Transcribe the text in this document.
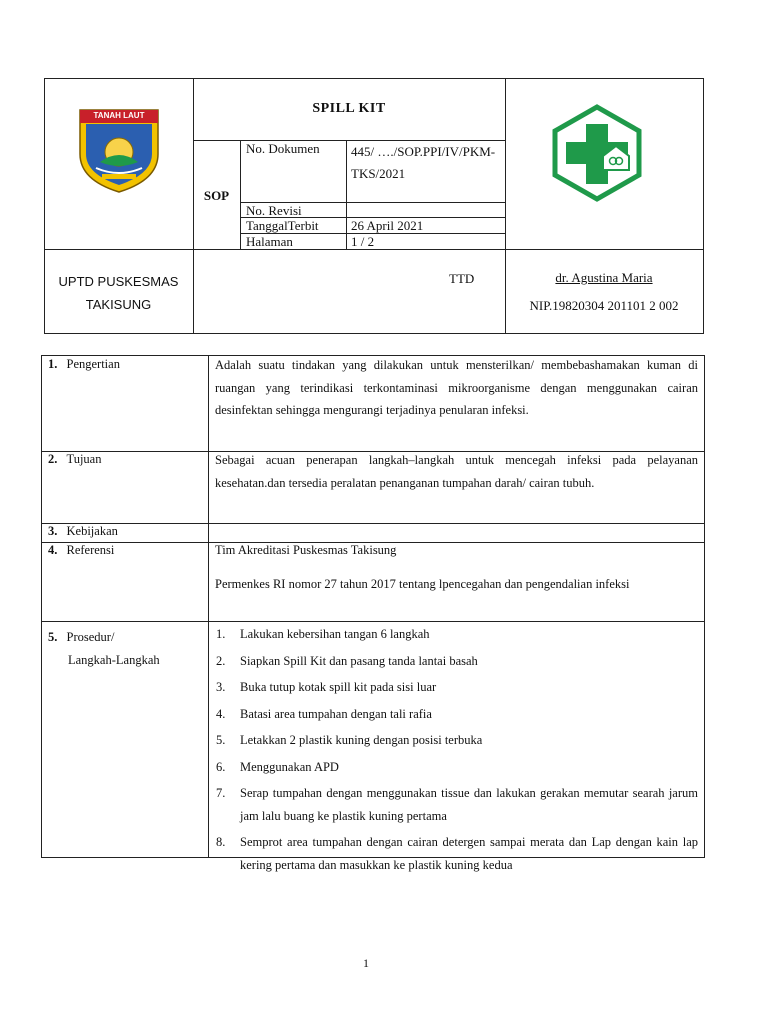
TANAH LAUT	SPILL KIT
SOP
No. Dokumen 445/ …./SOP.PPI/IV/PKM-TKS/2021
No. Revisi
TanggalTerbit 26 April 2021
Halaman	1 / 2
UPTD PUSKESMAS
TAKISUNG
TTD	dr. Agustina Maria
NIP.19820304 201101 2 002
1. Pengertian	Adalah suatu tindakan yang dilakukan untuk mensterilkan/ membebashamakan kuman di ruangan yang terindikasi terkontaminasi mikroorganisme dengan menggunakan cairan desinfektan sehingga mengurangi terjadinya penularan infeksi.
2. Tujuan	Sebagai acuan penerapan langkah–langkah untuk mencegah infeksi pada pelayanan kesehatan.dan tersedia peralatan penanganan tumpahan darah/ cairan tubuh.
3. Kebijakan
4. Referensi	Tim Akreditasi Puskesmas Takisung
Permenkes RI nomor 27 tahun 2017 tentang lpencegahan dan pengendalian infeksi
5. Prosedur/
Langkah-Langkah
1. Lakukan kebersihan tangan 6 langkah
2. Siapkan Spill Kit dan pasang tanda lantai basah
3. Buka tutup kotak spill kit pada sisi luar
4. Batasi area tumpahan dengan tali rafia
5. Letakkan 2 plastik kuning dengan posisi terbuka
6. Menggunakan APD
7. Serap tumpahan dengan menggunakan tissue dan lakukan gerakan memutar searah jarum jam lalu buang ke plastik kuning pertama
8. Semprot area tumpahan dengan cairan detergen sampai merata dan Lap dengan kain lap kering pertama dan masukkan ke plastik kuning kedua
1
